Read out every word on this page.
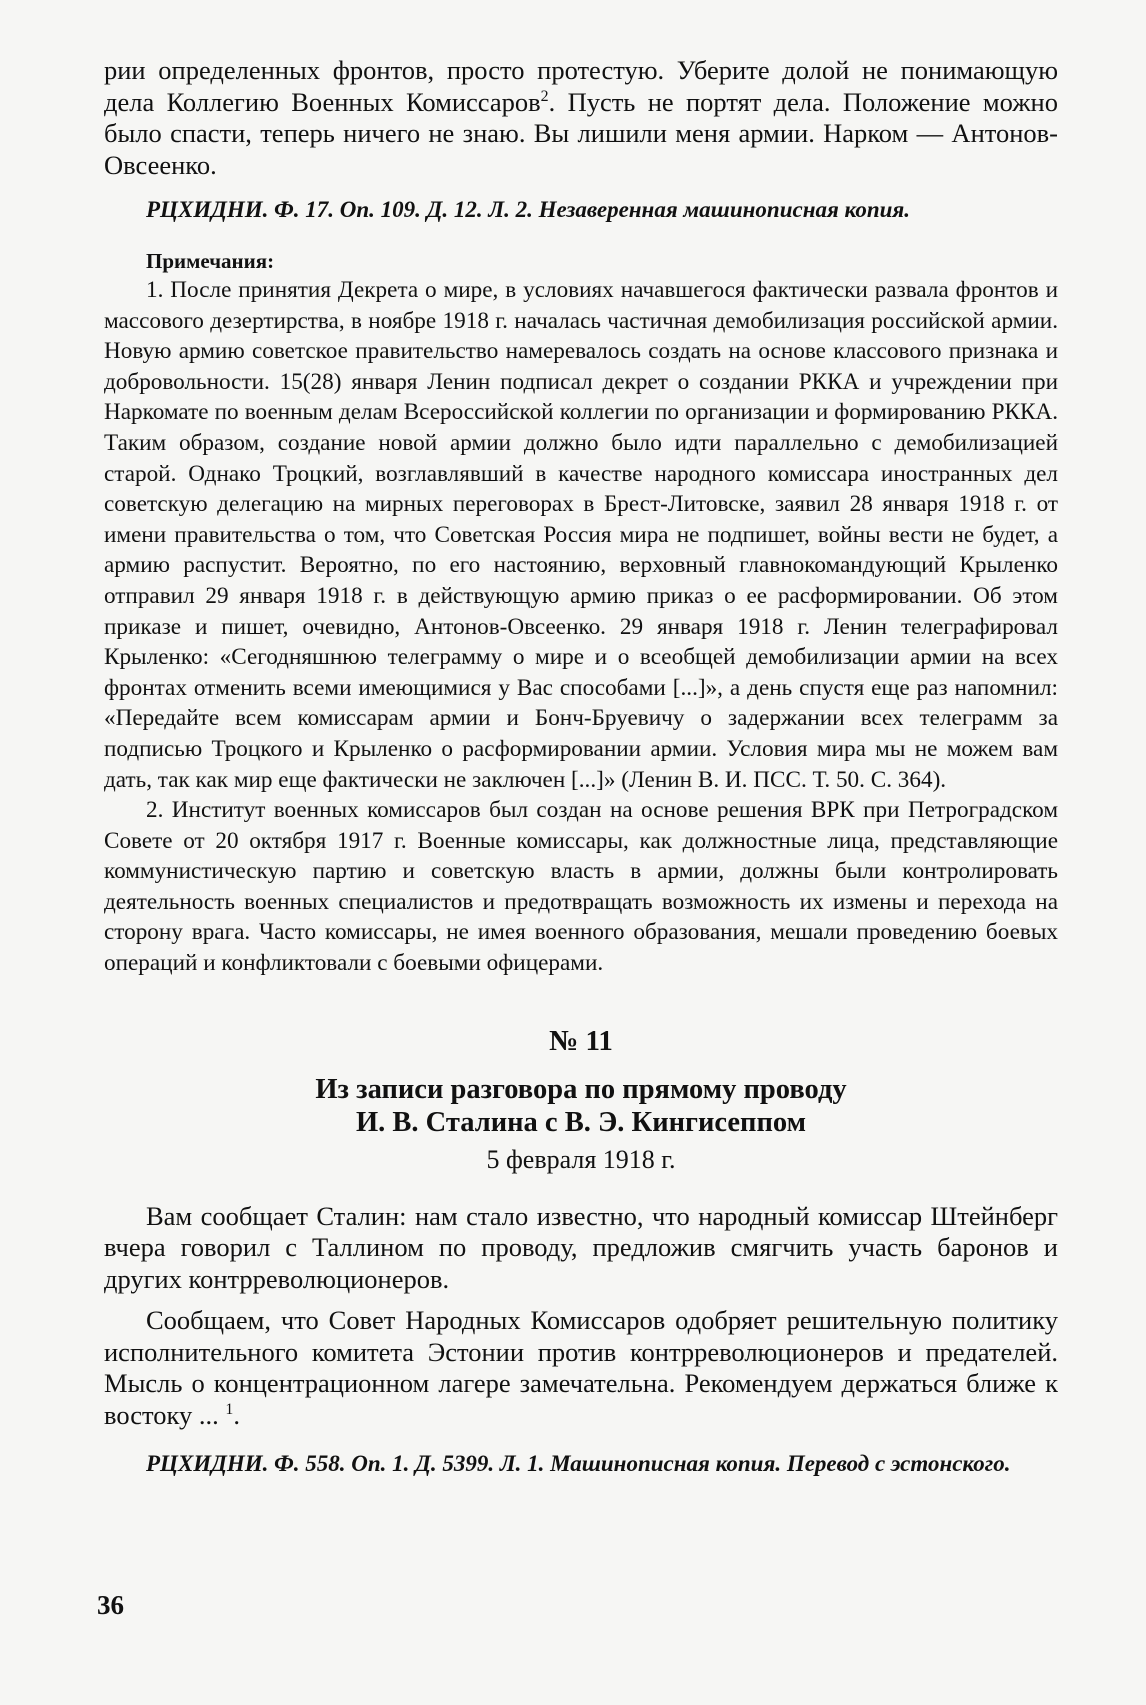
рии определенных фронтов, просто протестую. Уберите долой не понимающую дела Коллегию Военных Комиссаров$^2$. Пусть не портят дела. Положение можно было спасти, теперь ничего не знаю. Вы лишили меня армии. Нарком — Антонов-Овсеенко.

РЦХИДНИ. Ф. 17. Оп. 109. Д. 12. Л. 2. Незаверенная машинописная копия.

Примечания:

1. После принятия Декрета о мире, в условиях начавшегося фактически развала фронтов и массового дезертирства, в ноябре 1918 г. началась частичная демобилизация российской армии. Новую армию советское правительство намеревалось создать на основе классового признака и добровольности. 15(28) января Ленин подписал декрет о создании РККА и учреждении при Наркомате по военным делам Всероссийской коллегии по организации и формированию РККА. Таким образом, создание новой армии должно было идти параллельно с демобилизацией старой. Однако Троцкий, возглавлявший в качестве народного комиссара иностранных дел советскую делегацию на мирных переговорах в Брест-Литовске, заявил 28 января 1918 г. от имени правительства о том, что Советская Россия мира не подпишет, войны вести не будет, а армию распустит. Вероятно, по его настоянию, верховный главнокомандующий Крыленко отправил 29 января 1918 г. в действующую армию приказ о ее расформировании. Об этом приказе и пишет, очевидно, Антонов-Овсеенко. 29 января 1918 г. Ленин телеграфировал Крыленко: «Сегодняшнюю телеграмму о мире и о всеобщей демобилизации армии на всех фронтах отменить всеми имеющимися у Вас способами [...]», а день спустя еще раз напомнил: «Передайте всем комиссарам армии и Бонч-Бруевичу о задержании всех телеграмм за подписью Троцкого и Крыленко о расформировании армии. Условия мира мы не можем вам дать, так как мир еще фактически не заключен [...]» (Ленин В. И. ПСС. Т. 50. С. 364).

2. Институт военных комиссаров был создан на основе решения ВРК при Петроградском Совете от 20 октября 1917 г. Военные комиссары, как должностные лица, представляющие коммунистическую партию и советскую власть в армии, должны были контролировать деятельность военных специалистов и предотвращать возможность их измены и перехода на сторону врага. Часто комиссары, не имея военного образования, мешали проведению боевых операций и конфликтовали с боевыми офицерами.

№ 11

Из записи разговора по прямому проводу
И. В. Сталина с В. Э. Кингисеппом

5 февраля 1918 г.

Вам сообщает Сталин: нам стало известно, что народный комиссар Штейнберг вчера говорил с Таллином по проводу, предложив смягчить участь баронов и других контрреволюционеров.

Сообщаем, что Совет Народных Комиссаров одобряет решительную политику исполнительного комитета Эстонии против контрреволюционеров и предателей. Мысль о концентрационном лагере замечательна. Рекомендуем держаться ближе к востоку ... $^1$.

РЦХИДНИ. Ф. 558. Оп. 1. Д. 5399. Л. 1. Машинописная копия. Перевод с эстонского.

36
